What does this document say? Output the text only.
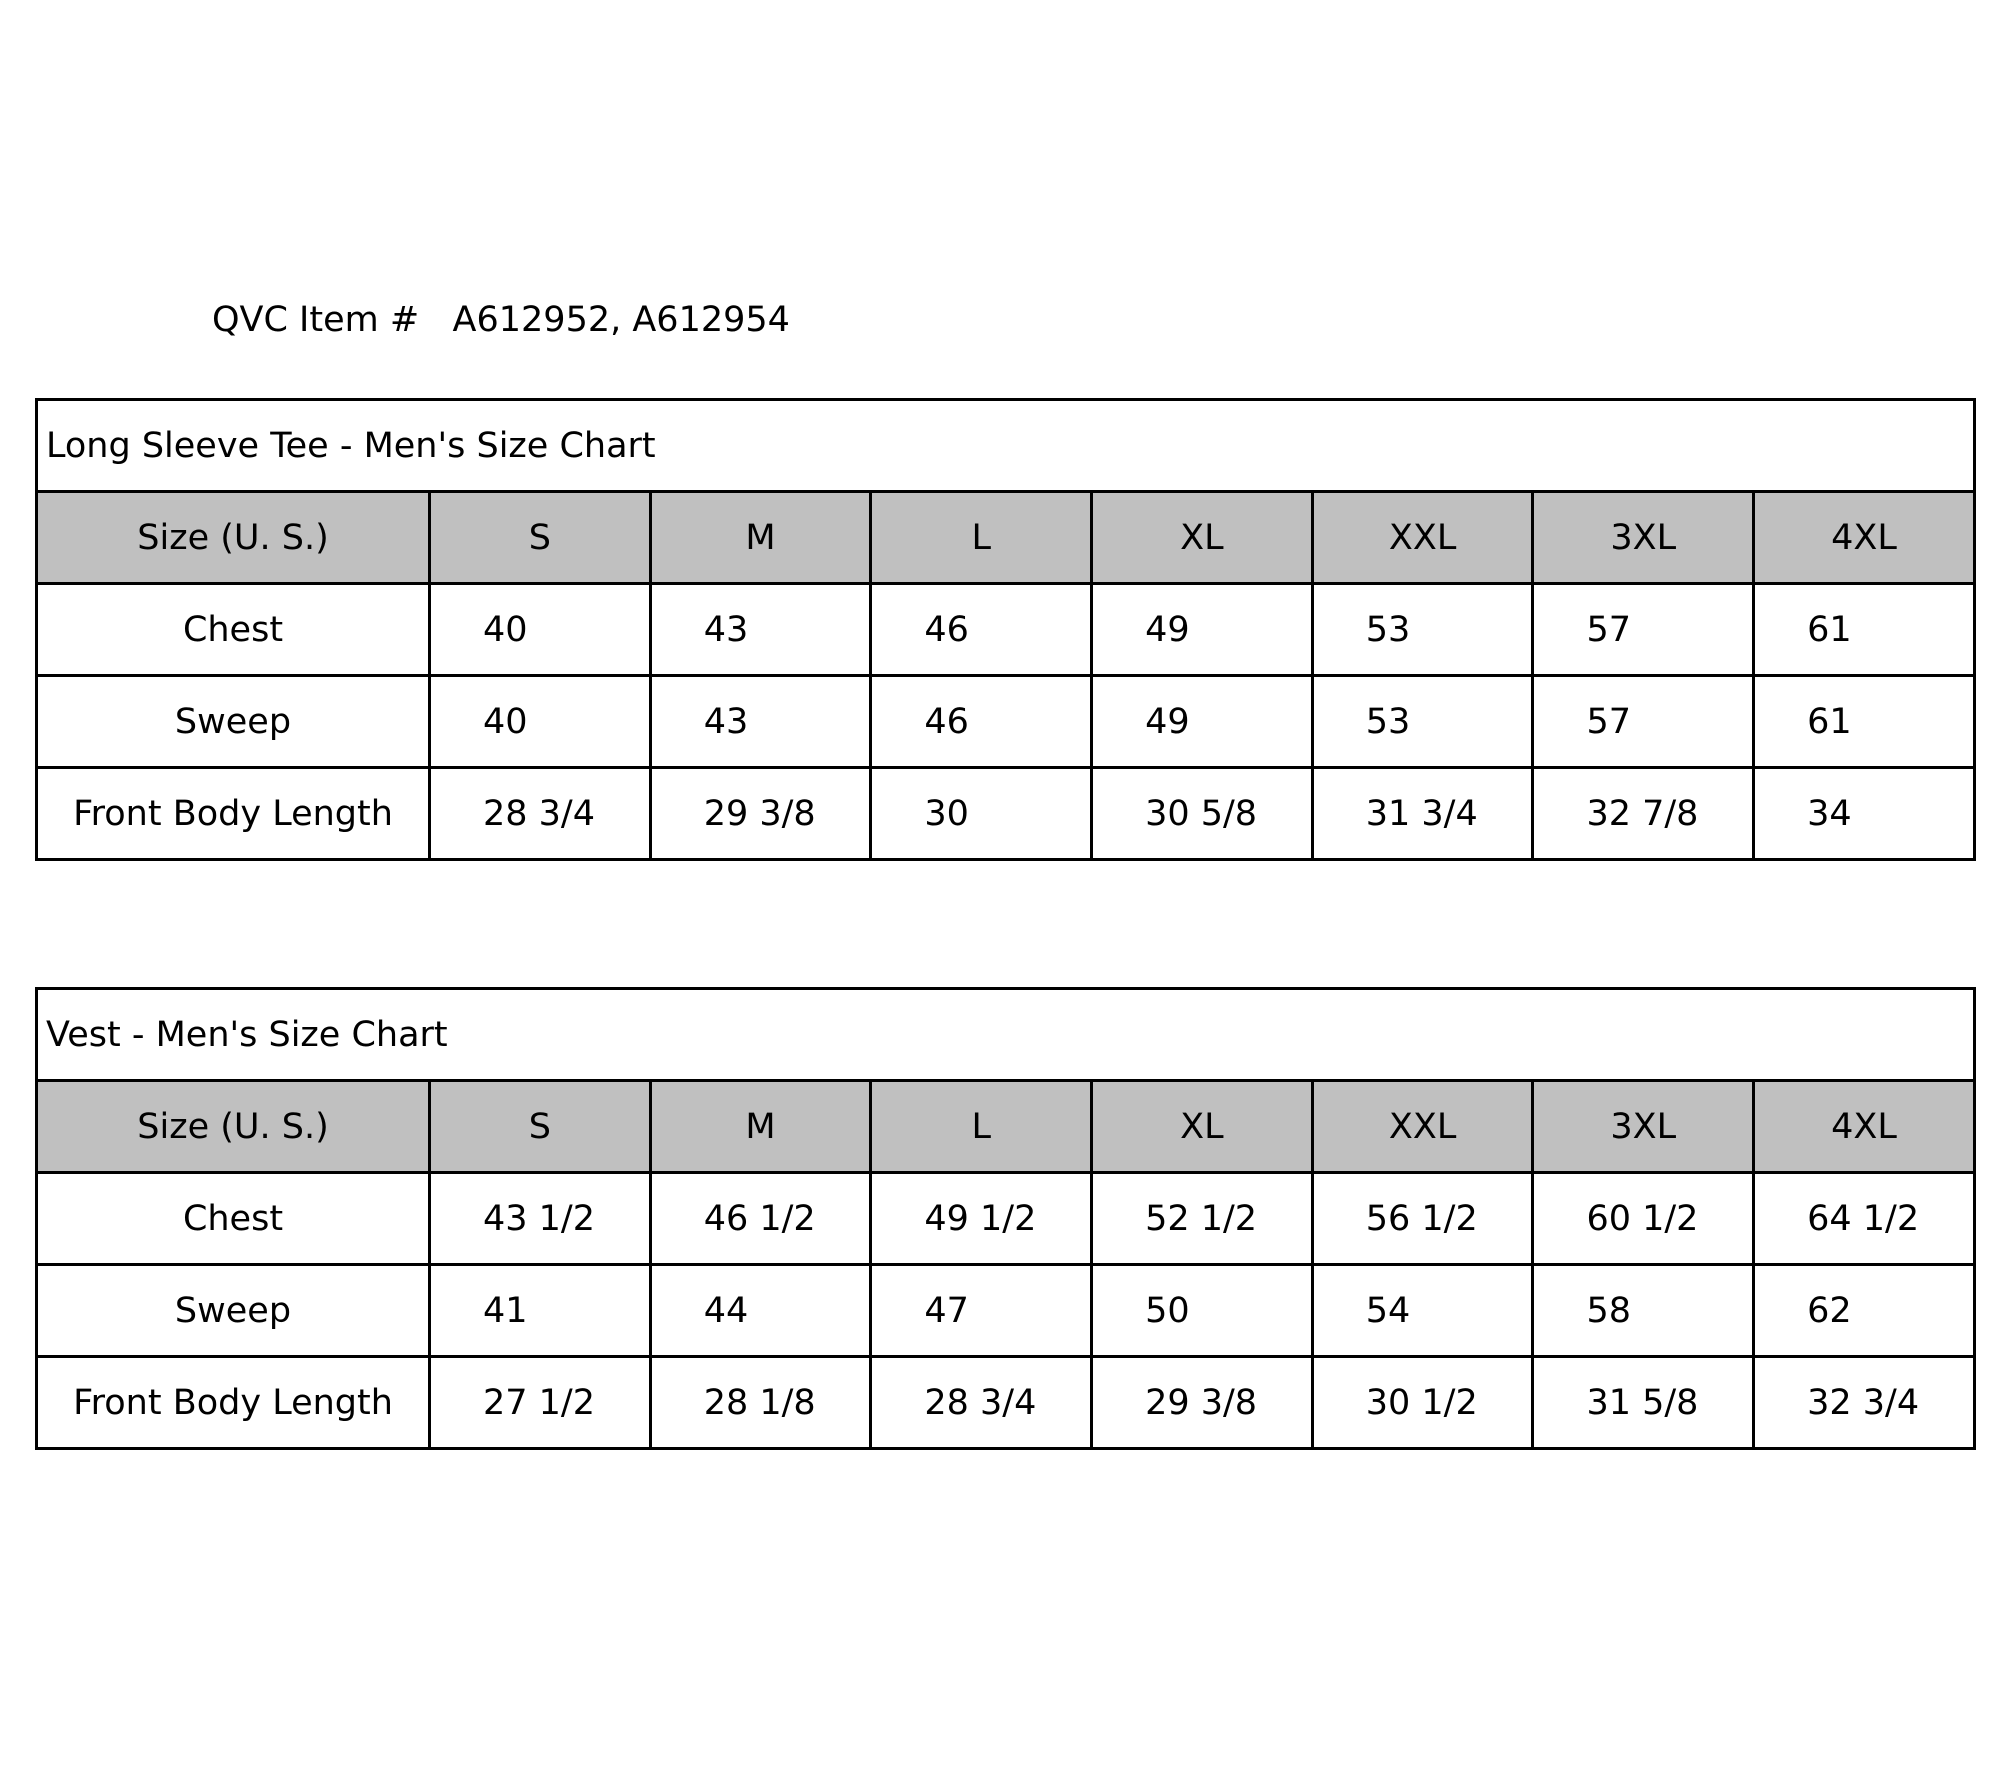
QVC Item #   A612952, A612954
Long Sleeve Tee - Men's Size Chart							
Size (U. S.)	S	M	L	XL	XXL	3XL	4XL
Chest	40	43	46	49	53	57	61
Sweep	40	43	46	49	53	57	61
Front Body Length	28 3/4	29 3/8	30	30 5/8	31 3/4	32 7/8	34
Vest - Men's Size Chart							
Size (U. S.)	S	M	L	XL	XXL	3XL	4XL
Chest	43 1/2	46 1/2	49 1/2	52 1/2	56 1/2	60 1/2	64 1/2
Sweep	41	44	47	50	54	58	62
Front Body Length	27 1/2	28 1/8	28 3/4	29 3/8	30 1/2	31 5/8	32 3/4
